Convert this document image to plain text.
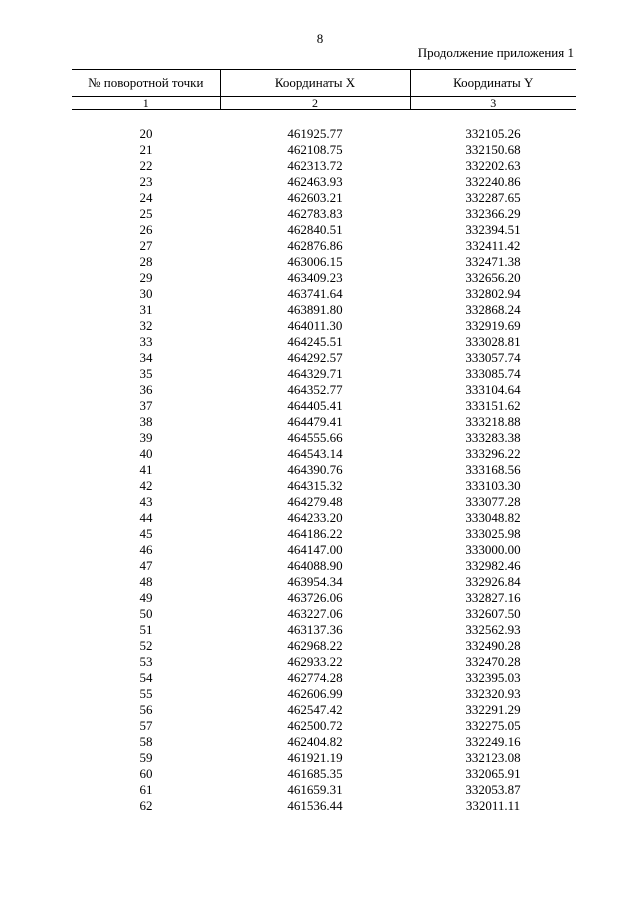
8
Продолжение приложения 1
№ поворотной точки	Координаты X	Координаты Y
1	2	3

20	461925.77	332105.26
21	462108.75	332150.68
22	462313.72	332202.63
23	462463.93	332240.86
24	462603.21	332287.65
25	462783.83	332366.29
26	462840.51	332394.51
27	462876.86	332411.42
28	463006.15	332471.38
29	463409.23	332656.20
30	463741.64	332802.94
31	463891.80	332868.24
32	464011.30	332919.69
33	464245.51	333028.81
34	464292.57	333057.74
35	464329.71	333085.74
36	464352.77	333104.64
37	464405.41	333151.62
38	464479.41	333218.88
39	464555.66	333283.38
40	464543.14	333296.22
41	464390.76	333168.56
42	464315.32	333103.30
43	464279.48	333077.28
44	464233.20	333048.82
45	464186.22	333025.98
46	464147.00	333000.00
47	464088.90	332982.46
48	463954.34	332926.84
49	463726.06	332827.16
50	463227.06	332607.50
51	463137.36	332562.93
52	462968.22	332490.28
53	462933.22	332470.28
54	462774.28	332395.03
55	462606.99	332320.93
56	462547.42	332291.29
57	462500.72	332275.05
58	462404.82	332249.16
59	461921.19	332123.08
60	461685.35	332065.91
61	461659.31	332053.87
62	461536.44	332011.11
